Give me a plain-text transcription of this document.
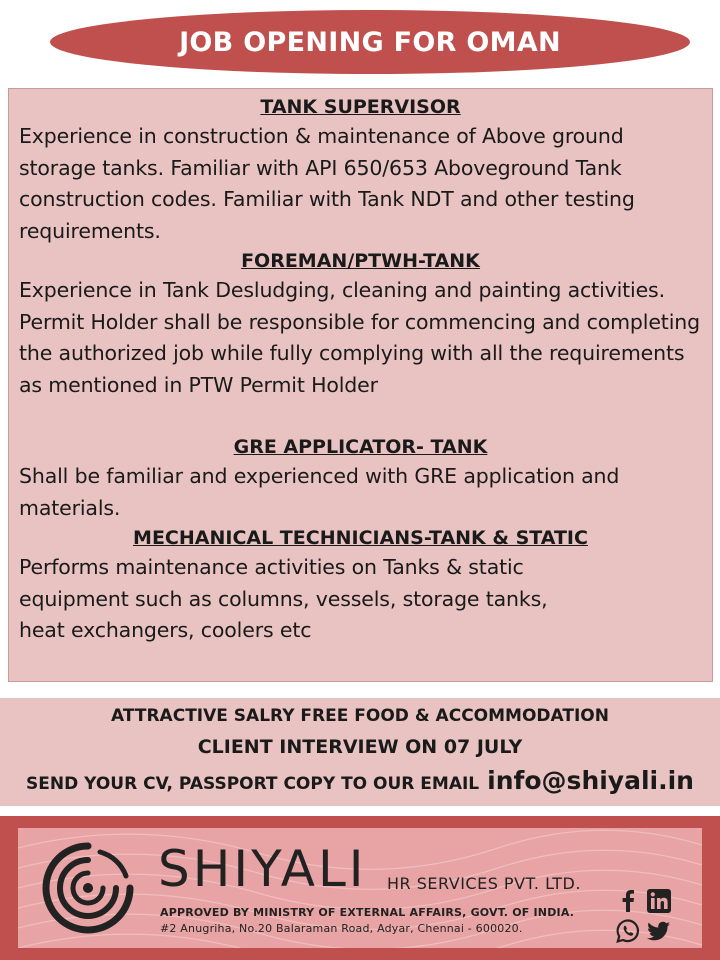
JOB OPENING FOR OMAN
TANK SUPERVISOR
Experience in construction & maintenance of Above ground storage tanks. Familiar with API 650/653 Aboveground Tank construction codes. Familiar with Tank NDT and other testing requirements.
FOREMAN/PTWH-TANK
Experience in Tank Desludging, cleaning and painting activities. Permit Holder shall be responsible for commencing and completing the authorized job while fully complying with all the requirements as mentioned in PTW Permit Holder
GRE APPLICATOR- TANK
Shall be familiar and experienced with GRE application and materials.
MECHANICAL TECHNICIANS-TANK & STATIC
Performs maintenance activities on Tanks & static equipment such as columns, vessels, storage tanks, heat exchangers, coolers etc
ATTRACTIVE SALRY FREE FOOD & ACCOMMODATION
CLIENT INTERVIEW ON 07 JULY
SEND YOUR CV, PASSPORT COPY TO OUR EMAIL info@shiyali.in
SHIYALI HR SERVICES PVT. LTD.
APPROVED BY MINISTRY OF EXTERNAL AFFAIRS, GOVT. OF INDIA.
#2 Anugriha, No.20 Balaraman Road, Adyar, Chennai - 600020.
